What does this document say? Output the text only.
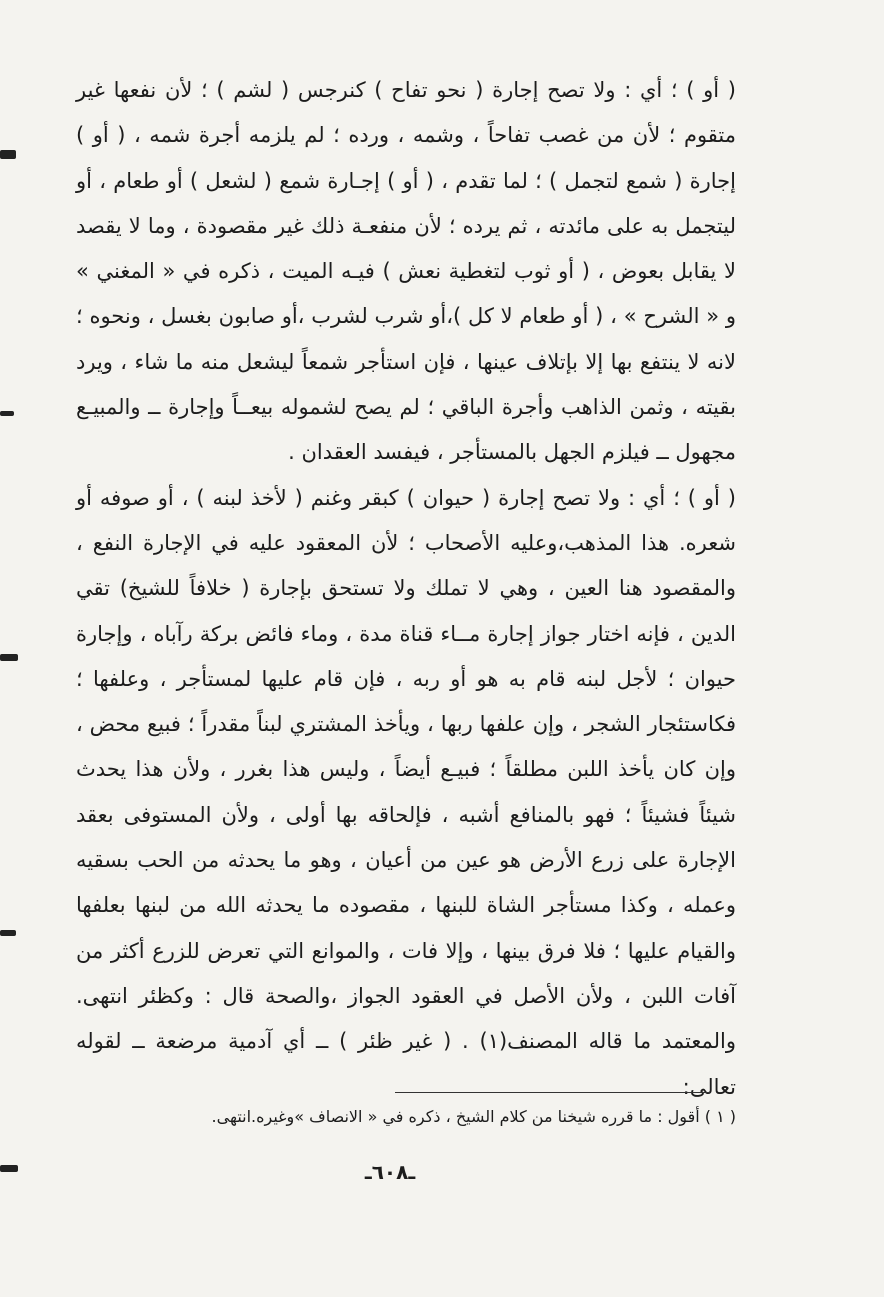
( أو ) ؛ أي : ولا تصح إجارة ( نحو تفاح ) كنرجس ( لشم ) ؛ لأن نفعها غير متقوم ؛ لأن من غصب تفاحاً ، وشمه ، ورده ؛ لم يلزمه أجرة شمه ، ( أو ) إجارة ( شمع لتجمل ) ؛ لما تقدم ، ( أو ) إجـارة شمع ( لشعل ) أو طعام ، أو ليتجمل به على مائدته ، ثم يرده ؛ لأن منفعـة ذلك غير مقصودة ، وما لا يقصد لا يقابل بعوض ، ( أو ثوب لتغطية نعش ) فيـه الميت ، ذكره في « المغني » و « الشرح » ، ( أو طعام لا كل )،أو شرب لشرب ،أو صابون بغسل ، ونحوه ؛ لانه لا ينتفع بها إلا بإتلاف عينها ، فإن استأجر شمعاً ليشعل منه ما شاء ، ويرد بقيته ، وثمن الذاهب وأجرة الباقي ؛ لم يصح لشموله بيعــاً وإجارة ــ والمبيـع مجهول ــ فيلزم الجهل بالمستأجر ، فيفسد العقدان .

( أو ) ؛ أي : ولا تصح إجارة ( حيوان ) كبقر وغنم ( لأخذ لبنه ) ، أو صوفه أو شعره. هذا المذهب،وعليه الأصحاب ؛ لأن المعقود عليه في الإجارة النفع ، والمقصود هنا العين ، وهي لا تملك ولا تستحق بإجارة ( خلافاً للشيخ) تقي الدين ، فإنه اختار جواز إجارة مــاء قناة مدة ، وماء فائض بركة رآباه ، وإجارة حيوان ؛ لأجل لبنه قام به هو أو ربه ، فإن قام عليها لمستأجر ، وعلفها ؛ فكاستئجار الشجر ، وإن علفها ربها ، ويأخذ المشتري لبناً مقدراً ؛ فبيع محض ، وإن كان يأخذ اللبن مطلقاً ؛ فبيـع أيضاً ، وليس هذا بغرر ، ولأن هذا يحدث شيئاً فشيئاً ؛ فهو بالمنافع أشبه ، فإلحاقه بها أولى ، ولأن المستوفى بعقد الإجارة على زرع الأرض هو عين من أعيان ، وهو ما يحدثه من الحب بسقيه وعمله ، وكذا مستأجر الشاة للبنها ، مقصوده ما يحدثه الله من لبنها بعلفها والقيام عليها ؛ فلا فرق بينها ، وإلا فات ، والموانع التي تعرض للزرع أكثر من آفات اللبن ، ولأن الأصل في العقود الجواز ،والصحة قال : وكظئر انتهى. والمعتمد ما قاله المصنف(١) . ( غير ظئر ) ــ أي آدمية مرضعة ــ لقوله تعالى:

( ١ ) أقول : ما قرره شيخنا من كلام الشيخ ، ذكره في « الانصاف »وغيره.انتهى.
ـ٦٠٨ـ
